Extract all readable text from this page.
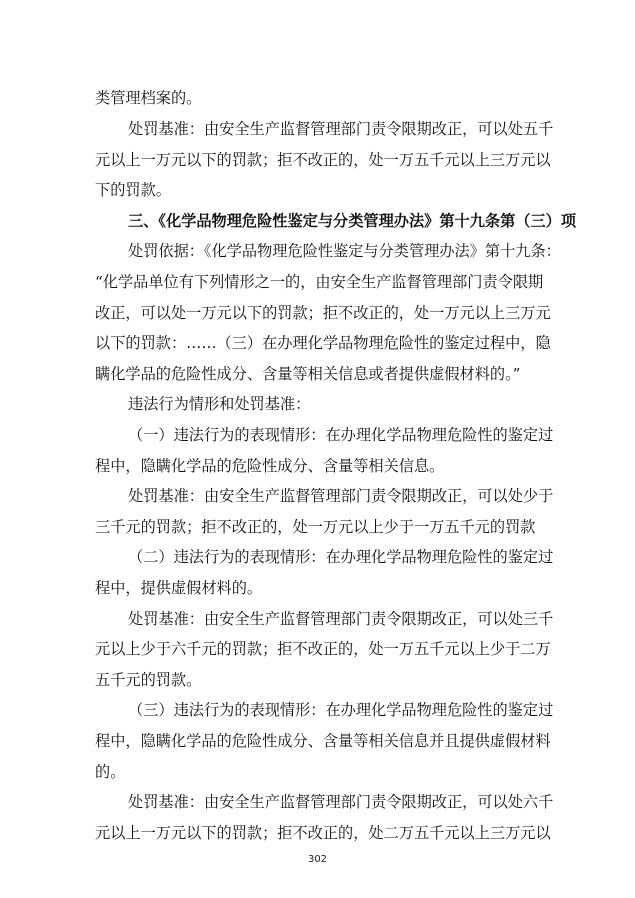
类管理档案的。
处罚基准：由安全生产监督管理部门责令限期改正，可以处五千
元以上一万元以下的罚款；拒不改正的，处一万五千元以上三万元以
下的罚款。
三、《化学品物理危险性鉴定与分类管理办法》第十九条第（三）项
处罚依据：《化学品物理危险性鉴定与分类管理办法》第十九条：
“化学品单位有下列情形之一的，由安全生产监督管理部门责令限期
改正，可以处一万元以下的罚款；拒不改正的，处一万元以上三万元
以下的罚款：……（三）在办理化学品物理危险性的鉴定过程中，隐
瞒化学品的危险性成分、含量等相关信息或者提供虚假材料的。”
违法行为情形和处罚基准：
（一）违法行为的表现情形：在办理化学品物理危险性的鉴定过
程中，隐瞒化学品的危险性成分、含量等相关信息。
处罚基准：由安全生产监督管理部门责令限期改正，可以处少于
三千元的罚款；拒不改正的，处一万元以上少于一万五千元的罚款
（二）违法行为的表现情形：在办理化学品物理危险性的鉴定过
程中，提供虚假材料的。
处罚基准：由安全生产监督管理部门责令限期改正，可以处三千
元以上少于六千元的罚款；拒不改正的，处一万五千元以上少于二万
五千元的罚款。
（三）违法行为的表现情形：在办理化学品物理危险性的鉴定过
程中，隐瞒化学品的危险性成分、含量等相关信息并且提供虚假材料
的。
处罚基准：由安全生产监督管理部门责令限期改正，可以处六千
元以上一万元以下的罚款；拒不改正的，处二万五千元以上三万元以
302
